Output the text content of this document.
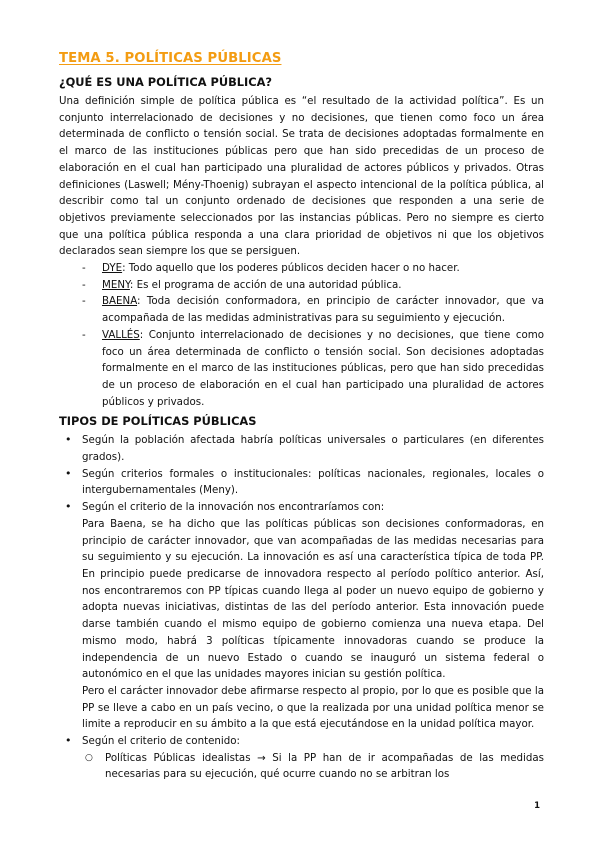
TEMA 5. POLÍTICAS PÚBLICAS
¿QUÉ ES UNA POLÍTICA PÚBLICA?

Una definición simple de política pública es “el resultado de la actividad política”. Es un conjunto interrelacionado de decisiones y no decisiones, que tienen como foco un área determinada de conflicto o tensión social. Se trata de decisiones adoptadas formalmente en el marco de las instituciones públicas pero que han sido precedidas de un proceso de elaboración en el cual han participado una pluralidad de actores públicos y privados. Otras definiciones (Laswell; Mény-Thoenig) subrayan el aspecto intencional de la política pública, al describir como tal un conjunto ordenado de decisiones que responden a una serie de objetivos previamente seleccionados por las instancias públicas. Pero no siempre es cierto que una política pública responda a una clara prioridad de objetivos ni que los objetivos declarados sean siempre los que se persiguen.

- DYE: Todo aquello que los poderes públicos deciden hacer o no hacer.
- MENY: Es el programa de acción de una autoridad pública.
- BAENA: Toda decisión conformadora, en principio de carácter innovador, que va acompañada de las medidas administrativas para su seguimiento y ejecución.
- VALLÉS: Conjunto interrelacionado de decisiones y no decisiones, que tiene como foco un área determinada de conflicto o tensión social. Son decisiones adoptadas formalmente en el marco de las instituciones públicas, pero que han sido precedidas de un proceso de elaboración en el cual han participado una pluralidad de actores públicos y privados.
TIPOS DE POLÍTICAS PÚBLICAS
• Según la población afectada habría políticas universales o particulares (en diferentes grados).
• Según criterios formales o institucionales: políticas nacionales, regionales, locales o intergubernamentales (Meny).
• Según el criterio de la innovación nos encontraríamos con:

Para Baena, se ha dicho que las políticas públicas son decisiones conformadoras, en principio de carácter innovador, que van acompañadas de las medidas necesarias para su seguimiento y su ejecución. La innovación es así una característica típica de toda PP. En principio puede predicarse de innovadora respecto al período político anterior. Así, nos encontraremos con PP típicas cuando llega al poder un nuevo equipo de gobierno y adopta nuevas iniciativas, distintas de las del período anterior. Esta innovación puede darse también cuando el mismo equipo de gobierno comienza una nueva etapa. Del mismo modo, habrá 3 políticas típicamente innovadoras cuando se produce la independencia de un nuevo Estado o cuando se inauguró un sistema federal o autonómico en el que las unidades mayores inician su gestión política.

Pero el carácter innovador debe afirmarse respecto al propio, por lo que es posible que la PP se lleve a cabo en un país vecino, o que la realizada por una unidad política menor se limite a reproducir en su ámbito a la que está ejecutándose en la unidad política mayor.

• Según el criterio de contenido:

○ Políticas Públicas idealistas → Si la PP han de ir acompañadas de las medidas necesarias para su ejecución, qué ocurre cuando no se arbitran los
1
